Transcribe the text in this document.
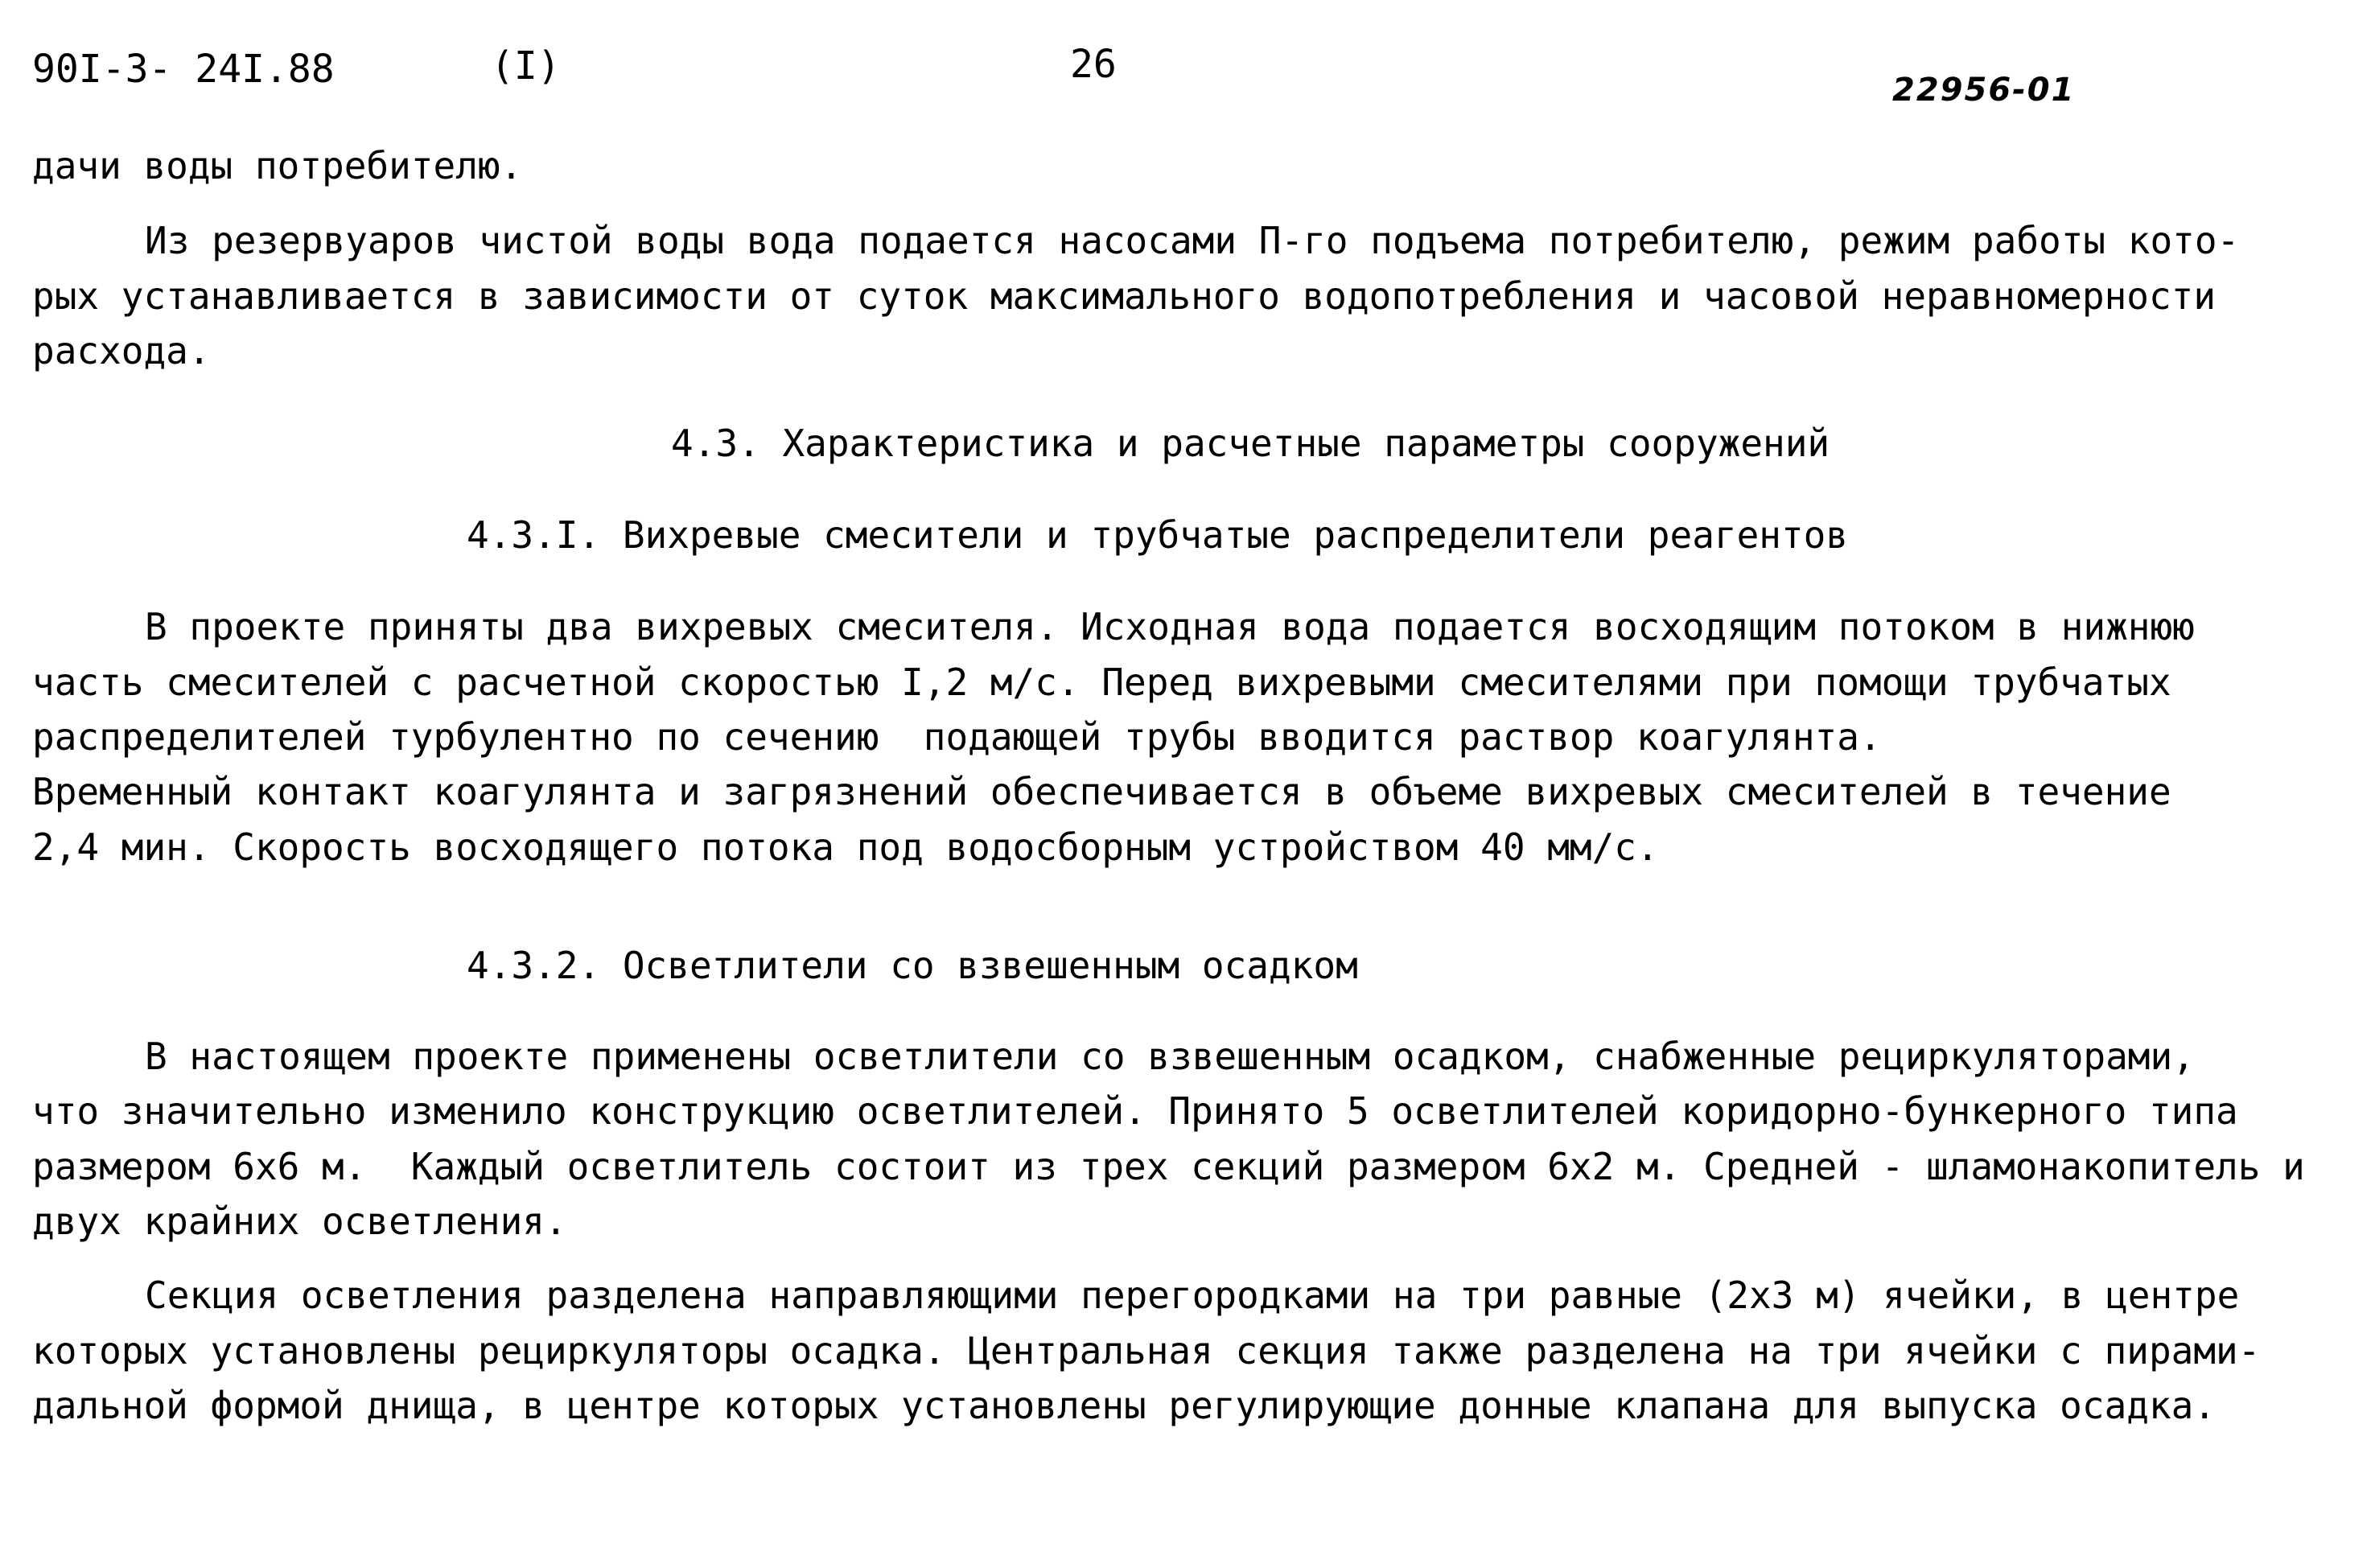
90I-3- 24I.88	(I)	26
22956-01
дачи воды потребителю.
Из резервуаров чистой воды вода подается насосами П-го подъема потребителю, режим работы кото-
рых устанавливается в зависимости от суток максимального водопотребления и часовой неравномерности
расхода.
4.3. Характеристика и расчетные параметры сооружений
4.3.I. Вихревые смесители и трубчатые распределители реагентов
В проекте приняты два вихревых смесителя. Исходная вода подается восходящим потоком в нижнюю
часть смесителей с расчетной скоростью I,2 м/с. Перед вихревыми смесителями при помощи трубчатых
распределителей турбулентно по сечению  подающей трубы вводится раствор коагулянта.
Временный контакт коагулянта и загрязнений обеспечивается в объеме вихревых смесителей в течение
2,4 мин. Скорость восходящего потока под водосборным устройством 40 мм/с.
4.3.2. Осветлители со взвешенным осадком
В настоящем проекте применены осветлители со взвешенным осадком, снабженные рециркуляторами,
что значительно изменило конструкцию осветлителей. Принято 5 осветлителей коридорно-бункерного типа
размером 6х6 м.  Каждый осветлитель состоит из трех секций размером 6х2 м. Средней - шламонакопитель и
двух крайних осветления.
Секция осветления разделена направляющими перегородками на три равные (2х3 м) ячейки, в центре
которых установлены рециркуляторы осадка. Центральная секция также разделена на три ячейки с пирами-
дальной формой днища, в центре которых установлены регулирующие донные клапана для выпуска осадка.
